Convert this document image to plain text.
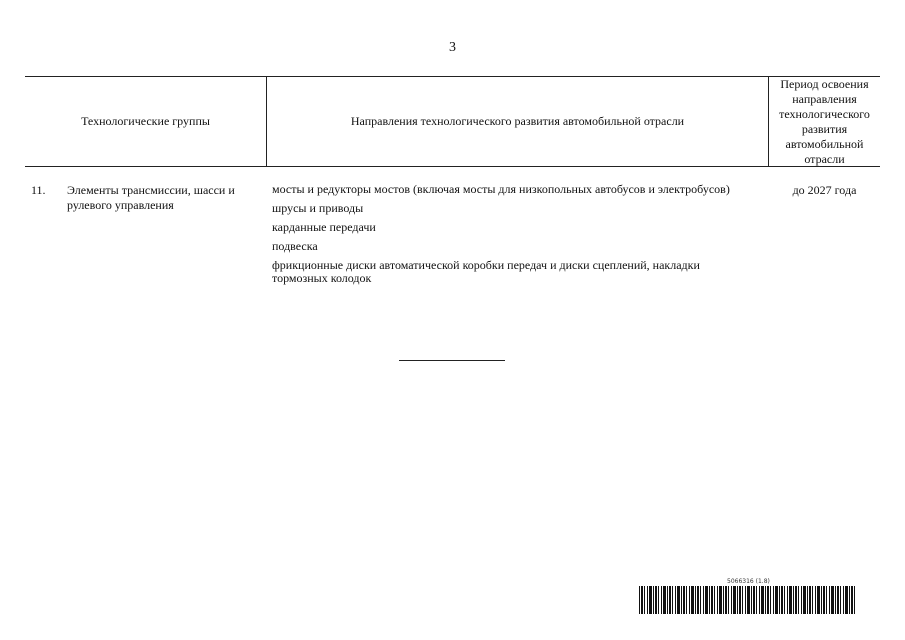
3
Технологические группы	Направления технологического развития автомобильной отрасли
Период освоения направления технологического развития автомобильной отрасли
11. Элементы трансмиссии, шасси и рулевого управления
мосты и редукторы мостов (включая мосты для низкопольных автобусов и электробусов)
шрусы и приводы
карданные передачи
подвеска
фрикционные диски автоматической коробки передач и диски сцеплений, накладки тормозных колодок
до 2027 года
5066316 (1.8)
